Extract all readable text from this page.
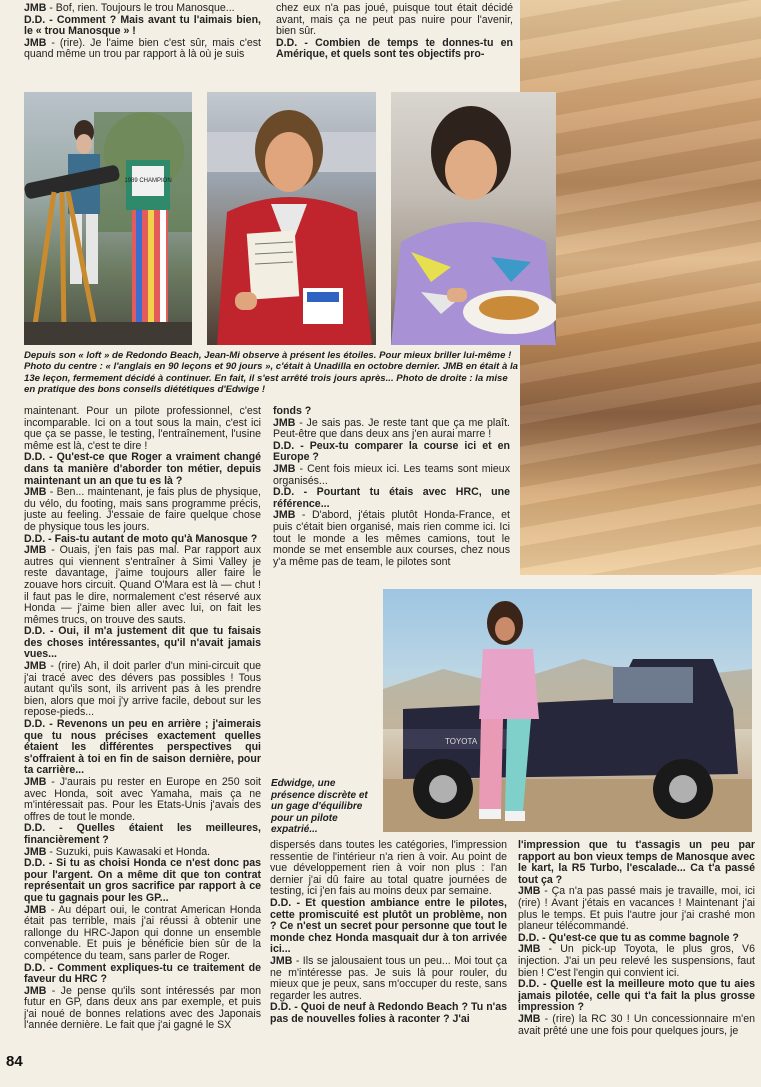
JMB - Bof, rien. Toujours le trou Manosque...

D.D. - Comment ? Mais avant tu l'aimais bien, le « trou Manosque » !

JMB - (rire). Je l'aime bien c'est sûr, mais c'est quand même un trou par rapport à là où je suis

chez eux n'a pas joué, puisque tout était décidé avant, mais ça ne peut pas nuire pour l'avenir, bien sûr.

D.D. - Combien de temps te donnes-tu en Amérique, et quels sont tes objectifs pro-

1989 CHAMPION
Depuis son « loft » de Redondo Beach, Jean-Mi observe à présent les étoiles. Pour mieux briller lui-même ! Photo du centre : « l'anglais en 90 leçons et 90 jours », c'était à Unadilla en octobre dernier. JMB en était à la 13e leçon, fermement décidé à continuer. En fait, il s'est arrêté trois jours après... Photo de droite : la mise en pratique des bons conseils diététiques d'Edwige !

maintenant. Pour un pilote professionnel, c'est incomparable. Ici on a tout sous la main, c'est ici que ça se passe, le testing, l'entraînement, l'usine même est là, c'est te dire !

D.D. - Qu'est-ce que Roger a vraiment changé dans ta manière d'aborder ton métier, depuis maintenant un an que tu es là ?

JMB - Ben... maintenant, je fais plus de physique, du vélo, du footing, mais sans programme précis, juste au feeling. J'essaie de faire quelque chose de physique tous les jours.

D.D. - Fais-tu autant de moto qu'à Manosque ?

JMB - Ouais, j'en fais pas mal. Par rapport aux autres qui viennent s'entraîner à Simi Valley je reste davantage, j'aime toujours aller faire le zouave hors circuit. Quand O'Mara est là — chut ! il faut pas le dire, normalement c'est réservé aux Honda — j'aime bien aller avec lui, on fait les mêmes trucs, on trouve des sauts.

D.D. - Oui, il m'a justement dit que tu faisais des choses intéressantes, qu'il n'avait jamais vues...

JMB - (rire) Ah, il doit parler d'un mini-circuit que j'ai tracé avec des dévers pas possibles ! Tous autant qu'ils sont, ils arrivent pas à les prendre bien, alors que moi j'y arrive facile, debout sur les repose-pieds...

D.D. - Revenons un peu en arrière ; j'aimerais que tu nous précises exactement quelles étaient les différentes perspectives qui s'offraient à toi en fin de saison dernière, pour ta carrière...

JMB - J'aurais pu rester en Europe en 250 soit avec Honda, soit avec Yamaha, mais ça ne m'intéressait pas. Pour les Etats-Unis j'avais des offres de tout le monde.

D.D. - Quelles étaient les meilleures, financièrement ?

JMB - Suzuki, puis Kawasaki et Honda.

D.D. - Si tu as choisi Honda ce n'est donc pas pour l'argent. On a même dit que ton contrat représentait un gros sacrifice par rapport à ce que tu gagnais pour les GP...

JMB - Au départ oui, le contrat American Honda était pas terrible, mais j'ai réussi à obtenir une rallonge du HRC-Japon qui donne un ensemble convenable. Et puis je bénéficie bien sûr de la compétence du team, sans parler de Roger.

D.D. - Comment expliques-tu ce traitement de faveur du HRC ?

JMB - Je pense qu'ils sont intéressés par mon futur en GP, dans deux ans par exemple, et puis j'ai noué de bonnes relations avec des Japonais l'année dernière. Le fait que j'ai gagné le SX

fonds ?

JMB - Je sais pas. Je reste tant que ça me plaît. Peut-être que dans deux ans j'en aurai marre !

D.D. - Peux-tu comparer la course ici et en Europe ?

JMB - Cent fois mieux ici. Les teams sont mieux organisés...

D.D. - Pourtant tu étais avec HRC, une référence...

JMB - D'abord, j'étais plutôt Honda-France, et puis c'était bien organisé, mais rien comme ici. Ici tout le monde a les mêmes camions, tout le monde se met ensemble aux courses, chez nous y'a même pas de team, le pilotes sont

TOYOTA
Edwidge, une présence discrète et un gage d'équilibre pour un pilote expatrié...

dispersés dans toutes les catégories, l'impression ressentie de l'intérieur n'a rien à voir. Au point de vue développement rien à voir non plus : l'an dernier j'ai dû faire au total quatre journées de testing, ici j'en fais au moins deux par semaine.

D.D. - Et question ambiance entre le pilotes, cette promiscuité est plutôt un problème, non ? Ce n'est un secret pour personne que tout le monde chez Honda masquait dur à ton arrivée ici...

JMB - Ils se jalousaient tous un peu... Moi tout ça ne m'intéresse pas. Je suis là pour rouler, du mieux que je peux, sans m'occuper du reste, sans regarder les autres.

D.D. - Quoi de neuf à Redondo Beach ? Tu n'as pas de nouvelles folies à raconter ? J'ai

l'impression que tu t'assagis un peu par rapport au bon vieux temps de Manosque avec le kart, la R5 Turbo, l'escalade... Ca t'a passé tout ça ?

JMB - Ça n'a pas passé mais je travaille, moi, ici (rire) ! Avant j'étais en vacances ! Maintenant j'ai plus le temps. Et puis l'autre jour j'ai crashé mon planeur télécommandé.

D.D. - Qu'est-ce que tu as comme bagnole ?

JMB - Un pick-up Toyota, le plus gros, V6 injection. J'ai un peu relevé les suspensions, faut bien ! C'est l'engin qui convient ici.

D.D. - Quelle est la meilleure moto que tu aies jamais pilotée, celle qui t'a fait la plus grosse impression ?

JMB - (rire) la RC 30 ! Un concessionnaire m'en avait prêté une une fois pour quelques jours, je

84
